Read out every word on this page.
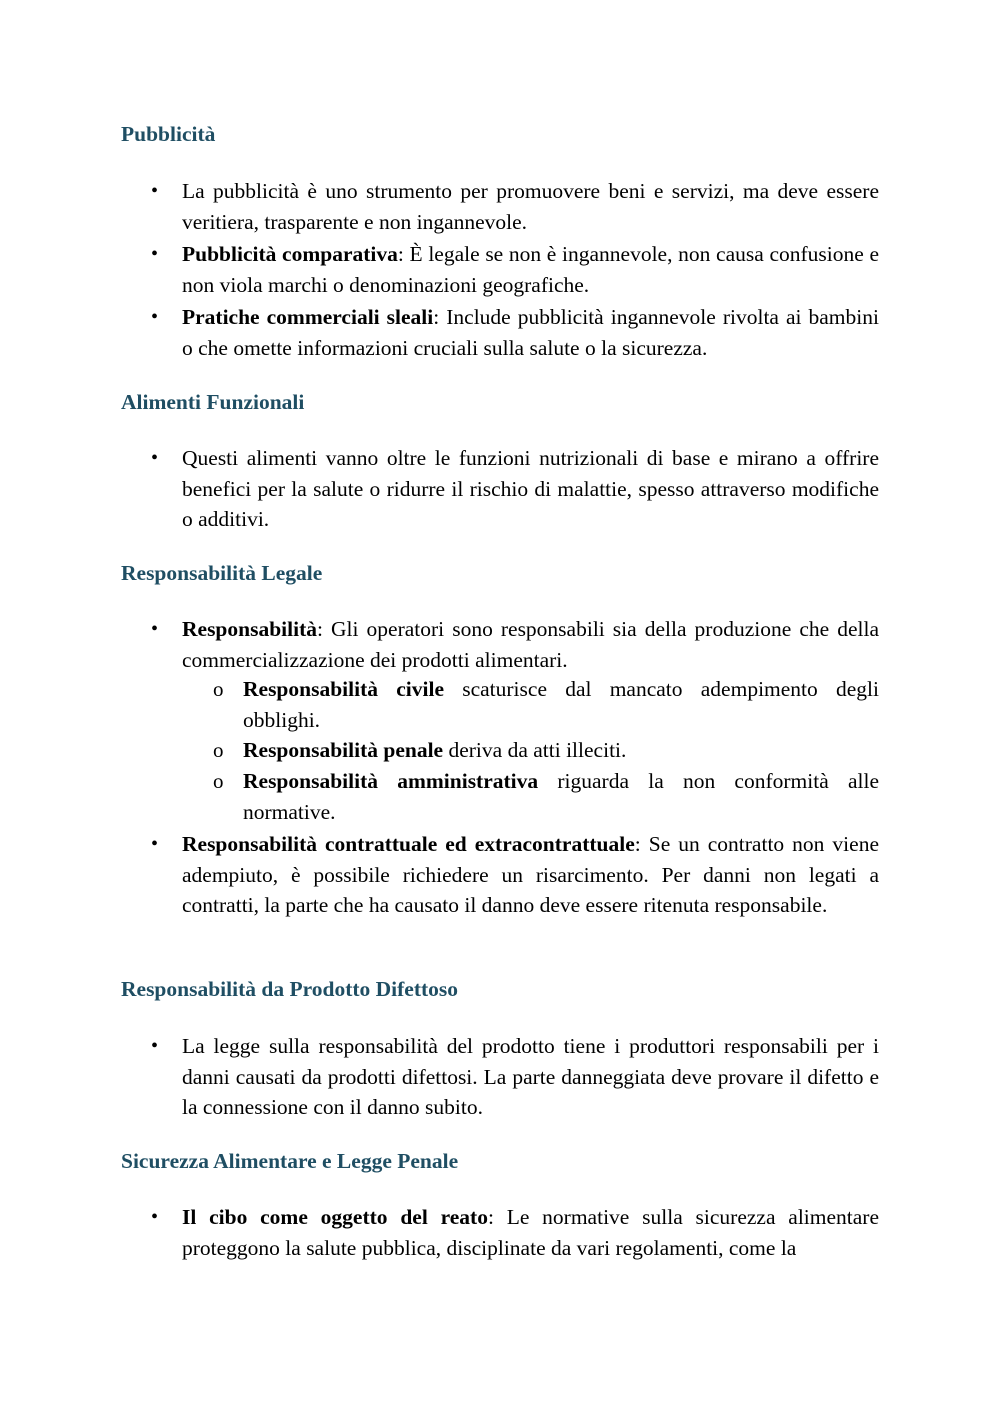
Pubblicità
• La pubblicità è uno strumento per promuovere beni e servizi, ma deve essere veritiera, trasparente e non ingannevole.

• Pubblicità comparativa: È legale se non è ingannevole, non causa confusione e non viola marchi o denominazioni geografiche.

• Pratiche commerciali sleali: Include pubblicità ingannevole rivolta ai bambini o che omette informazioni cruciali sulla salute o la sicurezza.

Alimenti Funzionali
• Questi alimenti vanno oltre le funzioni nutrizionali di base e mirano a offrire benefici per la salute o ridurre il rischio di malattie, spesso attraverso modifiche o additivi.

Responsabilità Legale
• Responsabilità: Gli operatori sono responsabili sia della produzione che della commercializzazione dei prodotti alimentari.

o Responsabilità civile scaturisce dal mancato adempimento degli obblighi.

o Responsabilità penale deriva da atti illeciti.

o Responsabilità amministrativa riguarda la non conformità alle normative.

• Responsabilità contrattuale ed extracontrattuale: Se un contratto non viene adempiuto, è possibile richiedere un risarcimento. Per danni non legati a contratti, la parte che ha causato il danno deve essere ritenuta responsabile.

Responsabilità da Prodotto Difettoso
• La legge sulla responsabilità del prodotto tiene i produttori responsabili per i danni causati da prodotti difettosi. La parte danneggiata deve provare il difetto e la connessione con il danno subito.

Sicurezza Alimentare e Legge Penale
• Il cibo come oggetto del reato: Le normative sulla sicurezza alimentare proteggono la salute pubblica, disciplinate da vari regolamenti, come la
